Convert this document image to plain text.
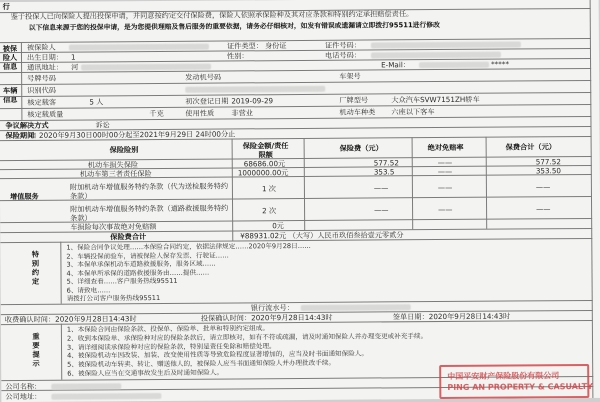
行
鉴于投保人已向保险人提出投保申请，并同意按约定交付保险费，保险人依照承保险种及其对应条款和特别约定承担赔偿责任。
以下信息来源于您的投保申请，是为您提供理赔及售后服务的重要依据，请务必仔细核对，如发有错误或遗漏请立即拨打95511进行修改
被保险人信息
被保险人	证件类型： 身份证	证件号码：
出生日期： 1	性别：	电话号码：
通讯地址： 河	E-Mail：	*****
车辆信息
号牌号码	发动机号码	车架号
识别代码
核定载客	5 人	初次登记日期 2019-09-29	厂牌型号	大众汽车SVW7151ZH轿车
核定载质量	千克	使用性质 非营业	机动车种类 六座以下客车
争议解决方式	诉讼
保险期间
自 2020年9月30日00时00分起至2021年9月29日 24时00分止
保险险别	保险金额/责任限额
保险费（元）	绝对免赔率	保费合计（元）
机动车损失保险	68686.00元	577.52	——	577.52
机动车第三者责任保险	1000000.00元	353.5	——	353.50
增值服务
附加机动车增值服务特约条款（代为送检服务特约条款）
1 次	——	——	——
附加机动车增值服务特约条款（道路救援服务特约条款）
2 次	——	——	——
车损险每次事故绝对免赔额	0元
保险费合计	¥88931.02元 （大写）人民币玖佰叁拾壹元零贰分
特别约定
1、保险合同争议处理……本保险合同约定，依据法律规定……2020年9月28日……
2、车辆投保前验车，请被保险人保存发票、行驶证……
3、本保单承保机动车道路救援服务，服务区域……
4、本保单所承保的道路救援服务由……提供……
5、详细查看……客户服务热线95511
6、请致电……
请拨打公司客户服务热线95511
银行流水号：
收费确认时间：2020年9月28日14:43时	投保确认时间：2020年9月28日14:43时	签单日期：2020年9月28日14:43时
重要提示
1、本保险合同由保险条款、投保单、保险单、批单和特别约定组成。
2、收到本保险单、承保险种对应的保险条款后，请立即核对，如有不符或疏漏，请及时通知保险人并办理变更或补充手续。
3、请详细阅读承保险种对应的保险条款，特别是责任免除和赔偿处理。
4、被保险机动车因改装、加装、改变使用性质等导致危险程度显著增加的，应当及时书面通知保险人。
5、被保险机动车转卖、转让、赠送他人的，被保险人应当书面通知保险人并办理批改手续。
6、被保险人应当在交通事故发生后及时通知保险人。
公司名称：
公司地址：
中国平安财产保险股份有限公司
PING AN PROPERTY & CASUALTY
